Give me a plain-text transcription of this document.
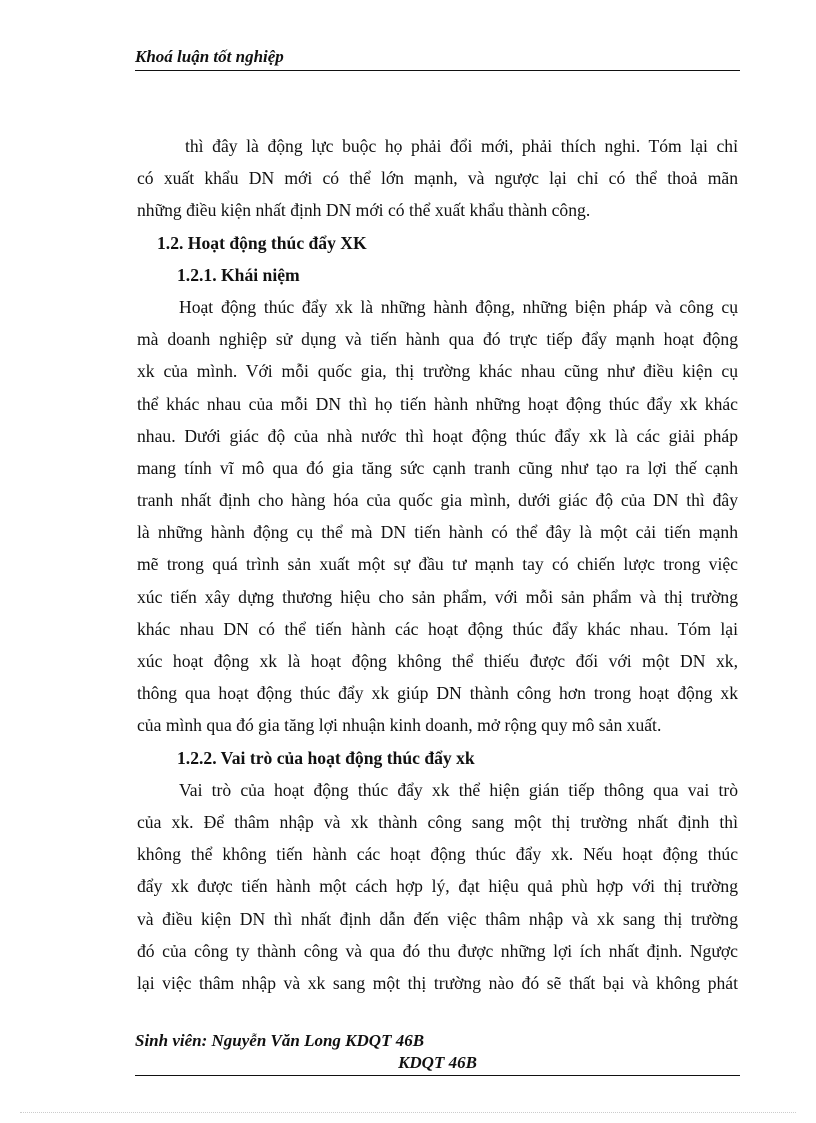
Khoá luận tốt nghiệp
thì đây là động lực buộc họ phải đổi mới, phải thích nghi. Tóm lại chỉ
có xuất khẩu DN mới có thể lớn mạnh, và ngược lại chỉ có thể thoả mãn
những điều kiện nhất định DN mới có thể xuất khẩu thành công.
1.2. Hoạt động thúc đẩy XK
1.2.1. Khái niệm
Hoạt động thúc đẩy xk là những hành động, những biện pháp và công cụ
mà doanh nghiệp sử dụng và tiến hành qua đó trực tiếp đẩy mạnh hoạt động
xk của mình. Với mỗi quốc gia, thị trường khác nhau cũng như điều kiện cụ
thể khác nhau của mỗi DN thì họ tiến hành những hoạt động thúc đẩy xk khác
nhau. Dưới giác độ của nhà nước thì hoạt động thúc đẩy xk là các giải pháp
mang tính vĩ mô qua đó gia tăng sức cạnh tranh cũng như tạo ra lợi thế cạnh
tranh nhất định cho hàng hóa của quốc gia mình, dưới giác độ của DN thì đây
là những hành động cụ thể mà DN tiến hành có thể đây là một cải tiến mạnh
mẽ trong quá trình sản xuất một sự đầu tư mạnh tay có chiến lược trong việc
xúc tiến xây dựng thương hiệu cho sản phẩm, với mỗi sản phẩm và thị trường
khác nhau DN có thể tiến hành các hoạt động thúc đẩy khác nhau. Tóm lại
xúc hoạt động xk là hoạt động không thể thiếu được đối với một DN xk,
thông qua hoạt động thúc đẩy xk giúp DN thành công hơn trong hoạt động xk
của mình qua đó gia tăng lợi nhuận kinh doanh, mở rộng quy mô sản xuất.
1.2.2. Vai trò của hoạt động thúc đẩy xk
Vai trò của hoạt động thúc đẩy xk thể hiện gián tiếp thông qua vai trò
của xk. Để thâm nhập và xk thành công sang một thị trường nhất định thì
không thể không tiến hành các hoạt động thúc đẩy xk. Nếu hoạt động thúc
đẩy xk được tiến hành một cách hợp lý, đạt hiệu quả phù hợp với thị trường
và điều kiện DN thì nhất định dẫn đến việc thâm nhập và xk sang thị trường
đó của công ty thành công và qua đó thu được những lợi ích nhất định. Ngược
lại việc thâm nhập và xk sang một thị trường nào đó sẽ thất bại và không phát
Sinh viên: Nguyễn Văn Long KDQT 46B
KDQT 46B
